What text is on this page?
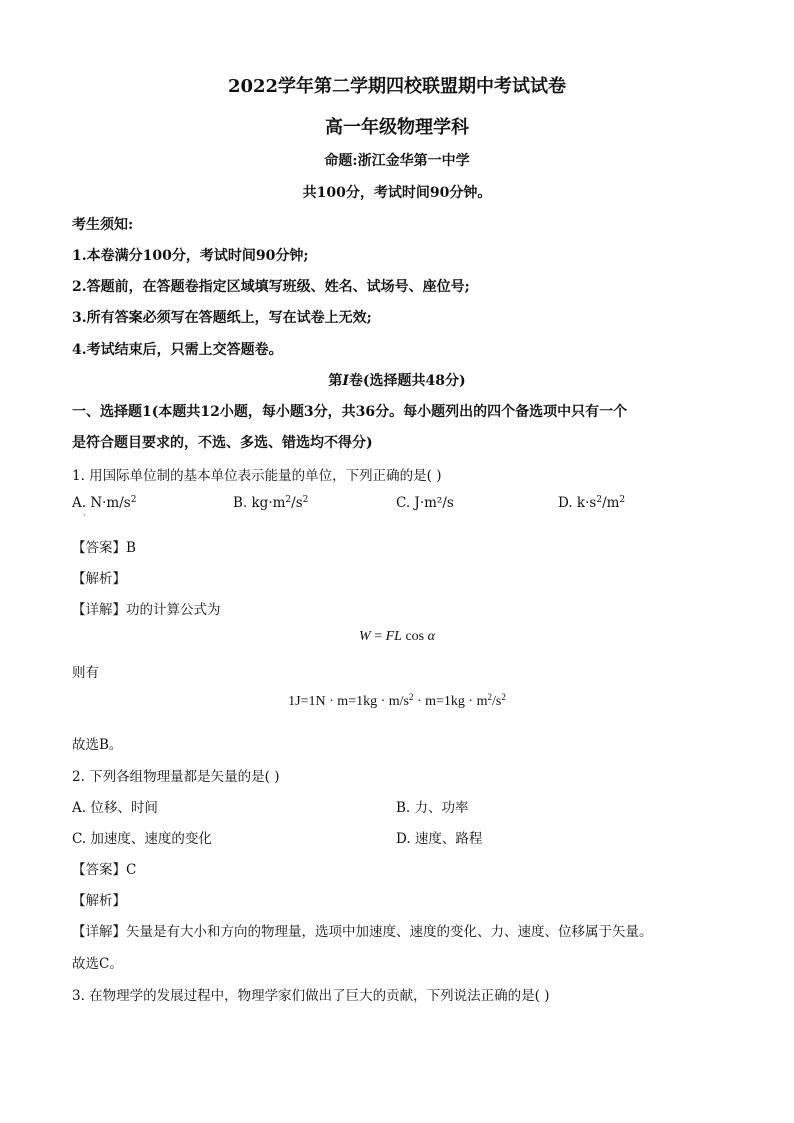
2022学年第二学期四校联盟期中考试试卷
高一年级物理学科
命题:浙江金华第一中学
共100分，考试时间90分钟。
考生须知:
1.本卷满分100分，考试时间90分钟;
2.答题前，在答题卷指定区域填写班级、姓名、试场号、座位号;
3.所有答案必须写在答题纸上，写在试卷上无效;
4.考试结束后，只需上交答题卷。
第I卷(选择题共48分)
一、选择题1(本题共12小题，每小题3分，共36分。每小题列出的四个备选项中只有一个
是符合题目要求的，不选、多选、错选均不得分)
1. 用国际单位制的基本单位表示能量的单位，下列正确的是( )
A. $N\cdot m/s^2$
·
B. $kg\cdot m^2/s^2$	C. J·m²/s	D. $k\cdot s^2/m^2$
【答案】B
【解析】
【详解】功的计算公式为
W = FL cos α
则有
$1J=1N \cdot m=1kg \cdot m/s^2 \cdot m=1kg \cdot m^2/s^2$
故选B。
2. 下列各组物理量都是矢量的是( )
A. 位移、时间	B. 力、功率
C. 加速度、速度的变化	D. 速度、路程
【答案】C
【解析】
【详解】矢量是有大小和方向的物理量，选项中加速度、速度的变化、力、速度、位移属于矢量。
故选C。
3. 在物理学的发展过程中，物理学家们做出了巨大的贡献，下列说法正确的是( )
